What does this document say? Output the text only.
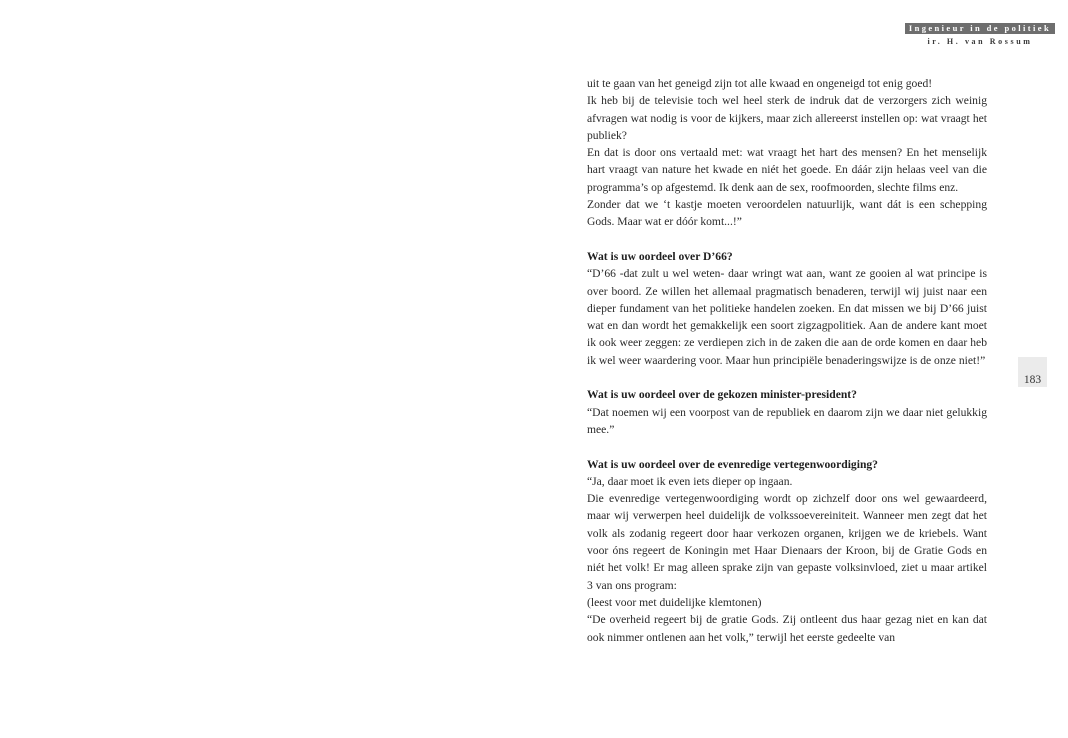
Ingenieur in de politiek
ir. H. van Rossum
183

uit te gaan van het geneigd zijn tot alle kwaad en ongeneigd tot enig goed!

Ik heb bij de televisie toch wel heel sterk de indruk dat de verzorgers zich weinig afvragen wat nodig is voor de kijkers, maar zich allereerst instellen op: wat vraagt het publiek?

En dat is door ons vertaald met: wat vraagt het hart des mensen? En het menselijk hart vraagt van nature het kwade en niét het goede. En dáár zijn helaas veel van die programma’s op afgestemd. Ik denk aan de sex, roofmoorden, slechte films enz.

Zonder dat we ‘t kastje moeten veroordelen natuurlijk, want dát is een schepping Gods. Maar wat er dóór komt...!”

Wat is uw oordeel over D’66?

“D’66 -dat zult u wel weten- daar wringt wat aan, want ze gooien al wat principe is over boord. Ze willen het allemaal pragmatisch benaderen, terwijl wij juist naar een dieper fundament van het politieke handelen zoeken. En dat missen we bij D’66 juist wat en dan wordt het gemakkelijk een soort zigzagpolitiek. Aan de andere kant moet ik ook weer zeggen: ze verdiepen zich in de zaken die aan de orde komen en daar heb ik wel weer waardering voor. Maar hun principiële benaderingswijze is de onze niet!”

Wat is uw oordeel over de gekozen minister-president?

“Dat noemen wij een voorpost van de republiek en daarom zijn we daar niet gelukkig mee.”

Wat is uw oordeel over de evenredige vertegenwoordiging?

“Ja, daar moet ik even iets dieper op ingaan.

Die evenredige vertegenwoordiging wordt op zichzelf door ons wel gewaardeerd, maar wij verwerpen heel duidelijk de volkssoevereiniteit. Wanneer men zegt dat het volk als zodanig regeert door haar verkozen organen, krijgen we de kriebels. Want voor óns regeert de Koningin met Haar Dienaars der Kroon, bij de Gratie Gods en niét het volk! Er mag alleen sprake zijn van gepaste volksinvloed, ziet u maar artikel 3 van ons program:

(leest voor met duidelijke klemtonen)

“De overheid regeert bij de gratie Gods. Zij ontleent dus haar gezag niet en kan dat ook nimmer ontlenen aan het volk,” terwijl het eerste gedeelte van
